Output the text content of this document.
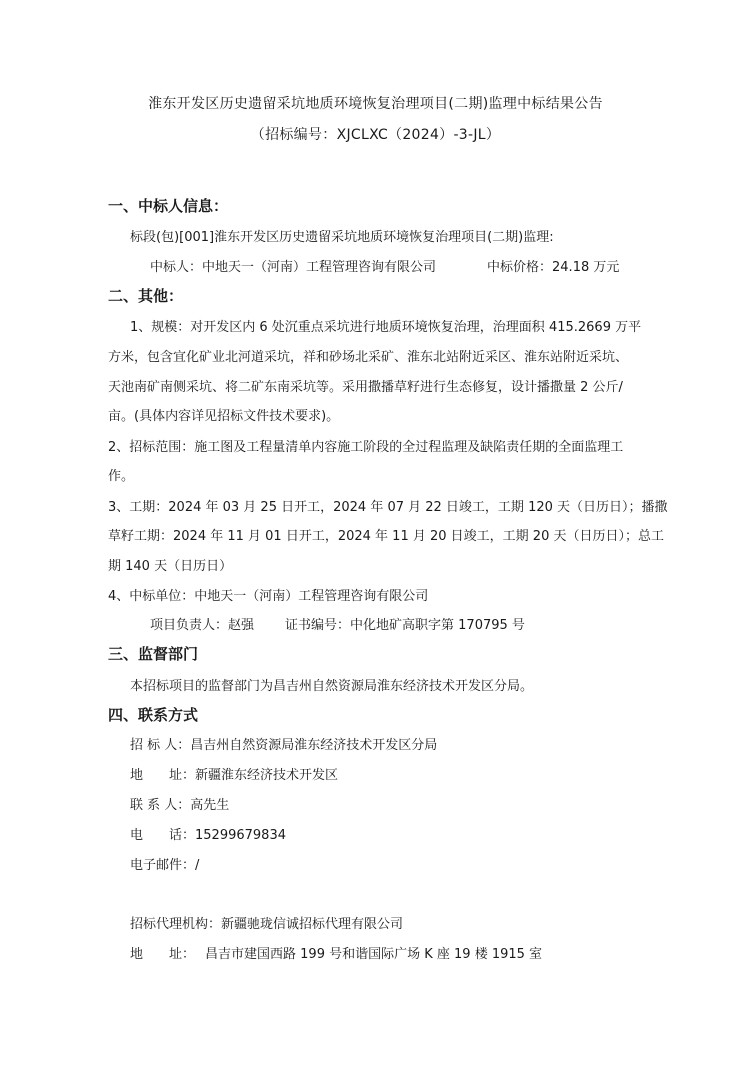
淮东开发区历史遗留采坑地质环境恢复治理项目(二期)监理中标结果公告
（招标编号：XJCLXC（2024）-3-JL）
一、中标人信息：
标段(包)[001]淮东开发区历史遗留采坑地质环境恢复治理项目(二期)监理:
中标人：中地天一（河南）工程管理咨询有限公司	中标价格：24.18 万元
二、其他：
1、规模：对开发区内 6 处沉重点采坑进行地质环境恢复治理，治理面积 415.2669 万平
方米，包含宜化矿业北河道采坑，祥和砂场北采矿、淮东北站附近采区、淮东站附近采坑、
天池南矿南侧采坑、将二矿东南采坑等。采用撒播草籽进行生态修复，设计播撒量 2 公斤/
亩。(具体内容详见招标文件技术要求)。
2、招标范围：施工图及工程量清单内容施工阶段的全过程监理及缺陷责任期的全面监理工
作。
3、工期：2024 年 03 月 25 日开工，2024 年 07 月 22 日竣工，工期 120 天（日历日）；播撒
草籽工期：2024 年 11 月 01 日开工，2024 年 11 月 20 日竣工，工期 20 天（日历日）；总工
期 140 天（日历日）
4、中标单位：中地天一（河南）工程管理咨询有限公司
项目负责人：赵强 证书编号：中化地矿高职字第 170795 号
三、监督部门
本招标项目的监督部门为昌吉州自然资源局淮东经济技术开发区分局。
四、联系方式
招 标 人：昌吉州自然资源局淮东经济技术开发区分局
地　　址：新疆淮东经济技术开发区
联 系 人：高先生
电　　话：15299679834
电子邮件：/
招标代理机构：新疆驰珑信诚招标代理有限公司
地　　址： 昌吉市建国西路 199 号和谐国际广场 K 座 19 楼 1915 室
